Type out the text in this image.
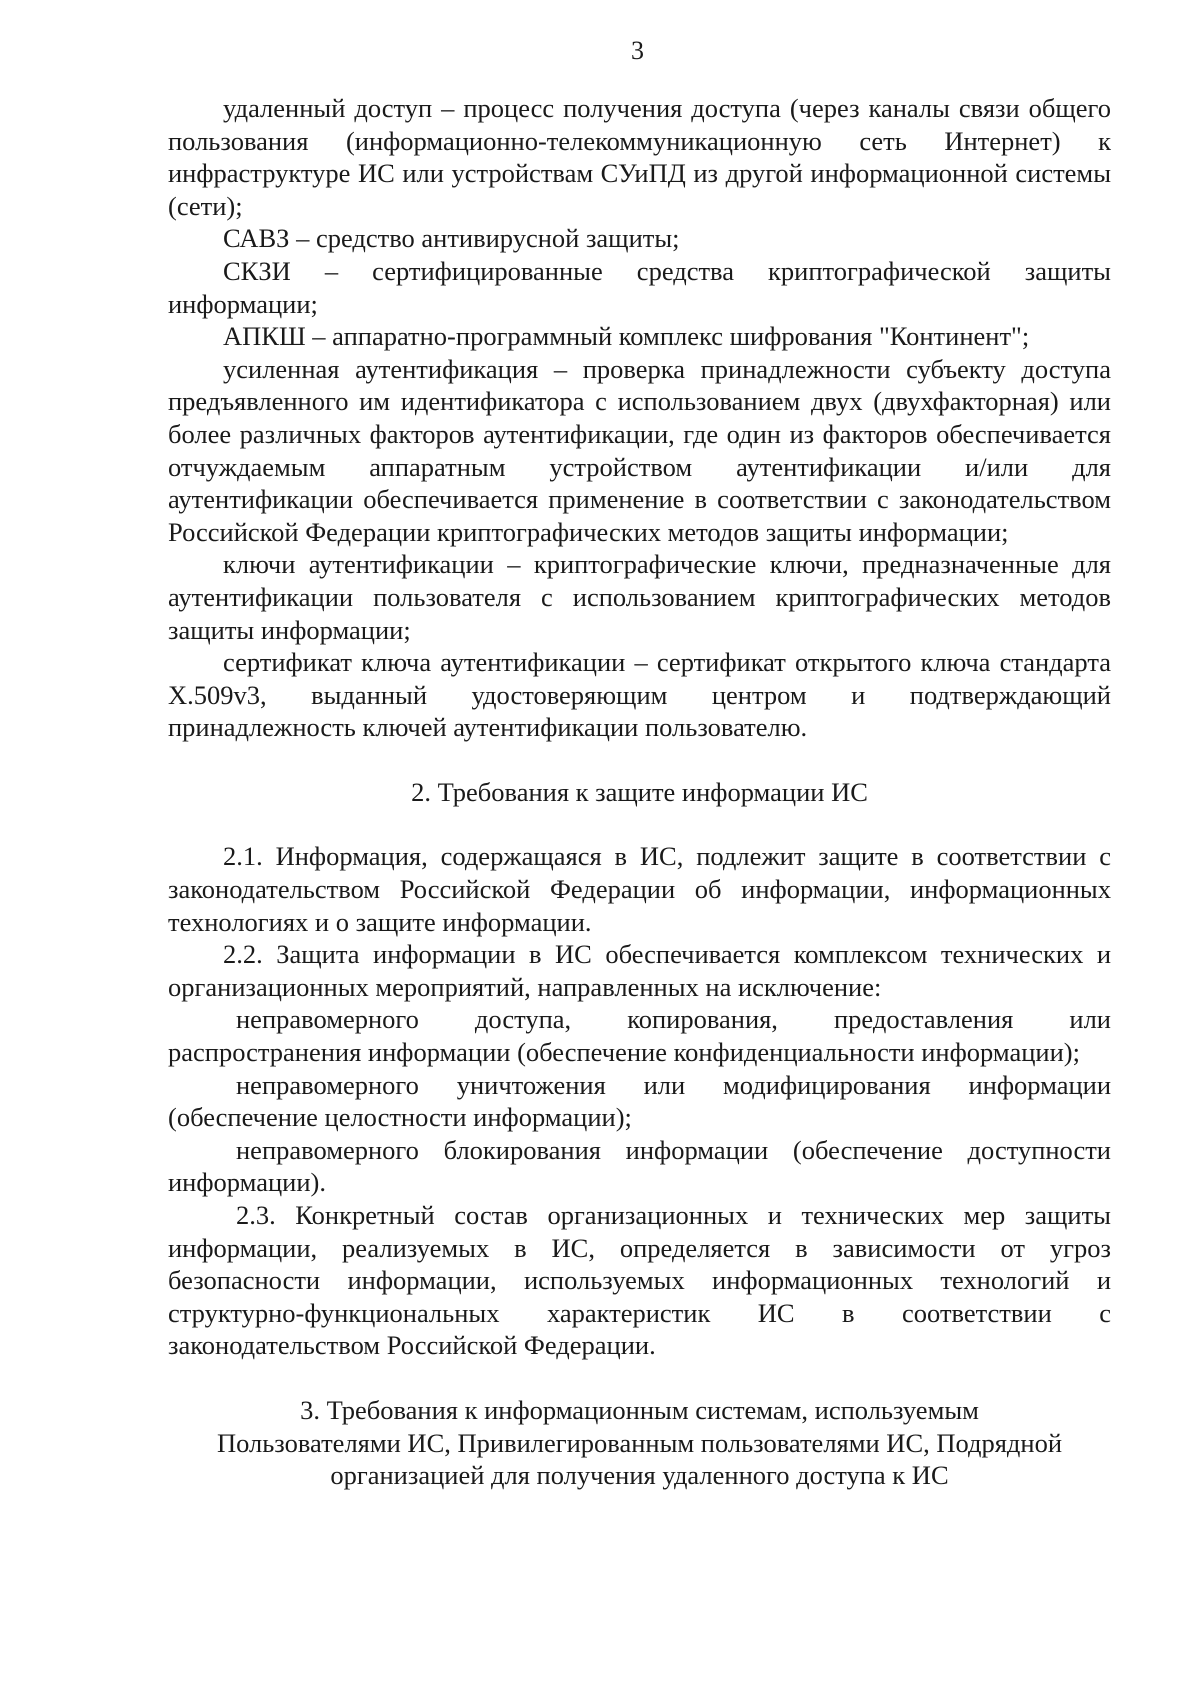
3

удаленный доступ – процесс получения доступа (через каналы связи общего пользования (информационно-телекоммуникационную сеть Интернет) к инфраструктуре ИС или устройствам СУиПД из другой информационной системы (сети);

САВЗ – средство антивирусной защиты;

СКЗИ – сертифицированные средства криптографической защиты информации;

АПКШ – аппаратно-программный комплекс шифрования "Континент";

усиленная аутентификация – проверка принадлежности субъекту доступа предъявленного им идентификатора с использованием двух (двухфакторная) или более различных факторов аутентификации, где один из факторов обеспечивается отчуждаемым аппаратным устройством аутентификации и/или для аутентификации обеспечивается применение в соответствии с законодательством Российской Федерации криптографических методов защиты информации;

ключи аутентификации – криптографические ключи, предназначенные для аутентификации пользователя с использованием криптографических методов защиты информации;

сертификат ключа аутентификации – сертификат открытого ключа стандарта X.509v3, выданный удостоверяющим центром и подтверждающий принадлежность ключей аутентификации пользователю.

2. Требования к защите информации ИС

2.1. Информация, содержащаяся в ИС, подлежит защите в соответствии с законодательством Российской Федерации об информации, информационных технологиях и о защите информации.

2.2. Защита информации в ИС обеспечивается комплексом технических и организационных мероприятий, направленных на исключение:

неправомерного доступа, копирования, предоставления или распространения информации (обеспечение конфиденциальности информации);

неправомерного уничтожения или модифицирования информации (обеспечение целостности информации);

неправомерного блокирования информации (обеспечение доступности информации).

2.3. Конкретный состав организационных и технических мер защиты информации, реализуемых в ИС, определяется в зависимости от угроз безопасности информации, используемых информационных технологий и структурно-функциональных характеристик ИС в соответствии с законодательством Российской Федерации.

3. Требования к информационным системам, используемым
Пользователями ИС, Привилегированным пользователями ИС, Подрядной
организацией для получения удаленного доступа к ИС
